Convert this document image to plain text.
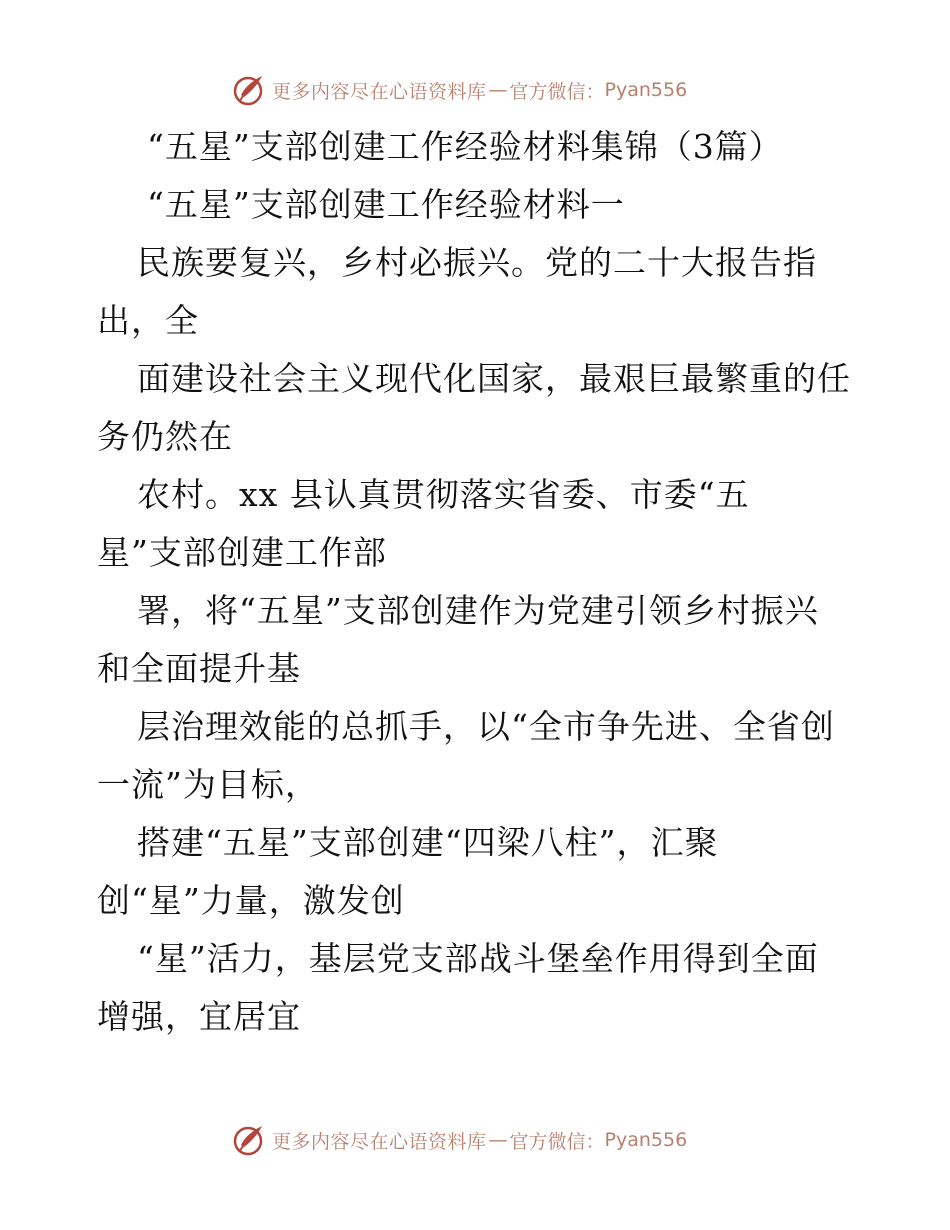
更多内容尽在心语资料库 — 官方微信： Pyan556
“五星”支部创建工作经验材料集锦（3篇）
“五星”支部创建工作经验材料一
民族要复兴，乡村必振兴。党的二十大报告指
出，全
面建设社会主义现代化国家，最艰巨最繁重的任
务仍然在
农村。xx 县认真贯彻落实省委、市委“五
星”支部创建工作部
署，将“五星”支部创建作为党建引领乡村振兴
和全面提升基
层治理效能的总抓手，以“全市争先进、全省创
一流”为目标，
搭建“五星”支部创建“四梁八柱”，汇聚
创“星”力量，激发创
“星”活力，基层党支部战斗堡垒作用得到全面
增强，宜居宜
更多内容尽在心语资料库 — 官方微信： Pyan556
